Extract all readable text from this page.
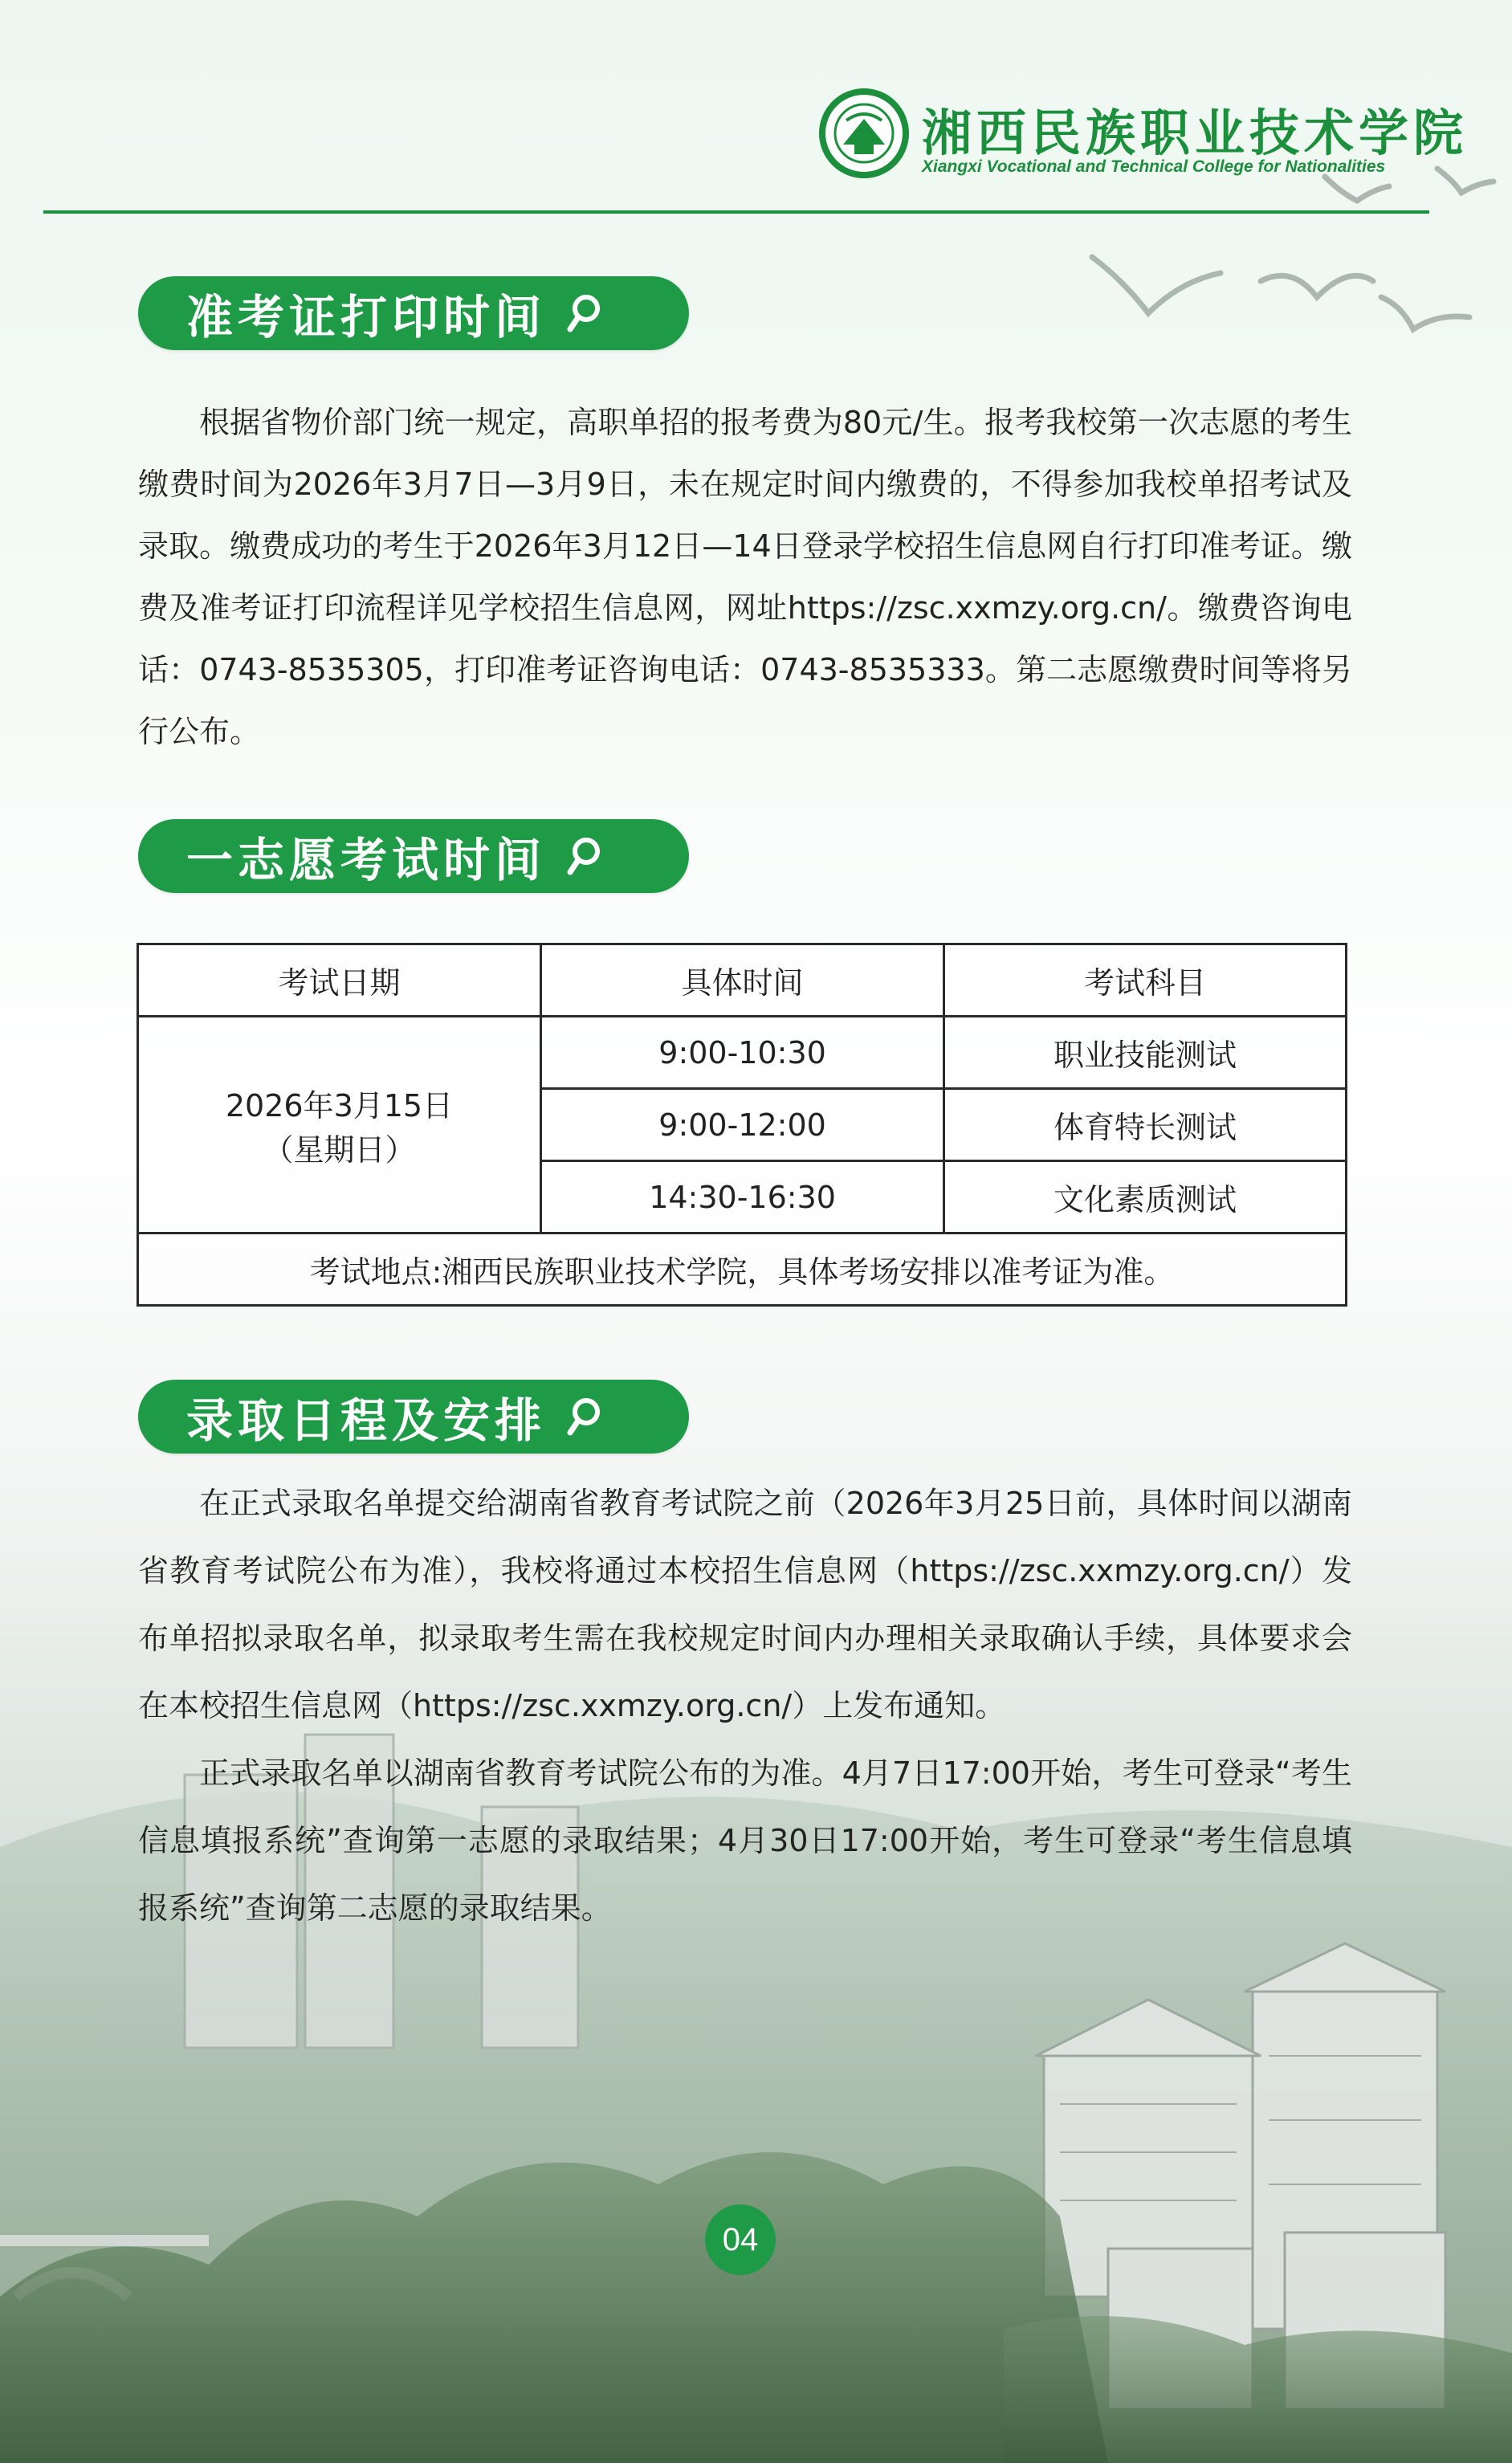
湘西民族职业技术学院
Xiangxi Vocational and Technical College for Nationalities
准考证打印时间

根据省物价部门统一规定，高职单招的报考费为80元/生。报考我校第一次志愿的考生缴费时间为2026年3月7日—3月9日，未在规定时间内缴费的，不得参加我校单招考试及录取。缴费成功的考生于2026年3月12日—14日登录学校招生信息网自行打印准考证。缴费及准考证打印流程详见学校招生信息网，网址https://zsc.xxmzy.org.cn/。缴费咨询电话：0743-8535305，打印准考证咨询电话：0743-8535333。第二志愿缴费时间等将另行公布。

一志愿考试时间
考试日期	具体时间	考试科目

2026年3月15日
（星期日）	9:00-10:30	职业技能测试
	9:00-12:00	体育特长测试
	14:30-16:30	文化素质测试
考试地点:湘西民族职业技术学院，具体考场安排以准考证为准。		
录取日程及安排

在正式录取名单提交给湖南省教育考试院之前（2026年3月25日前，具体时间以湖南省教育考试院公布为准），我校将通过本校招生信息网（https://zsc.xxmzy.org.cn/）发布单招拟录取名单，拟录取考生需在我校规定时间内办理相关录取确认手续，具体要求会在本校招生信息网（https://zsc.xxmzy.org.cn/）上发布通知。

正式录取名单以湖南省教育考试院公布的为准。4月7日17:00开始，考生可登录“考生信息填报系统”查询第一志愿的录取结果；4月30日17:00开始，考生可登录“考生信息填报系统”查询第二志愿的录取结果。

04
